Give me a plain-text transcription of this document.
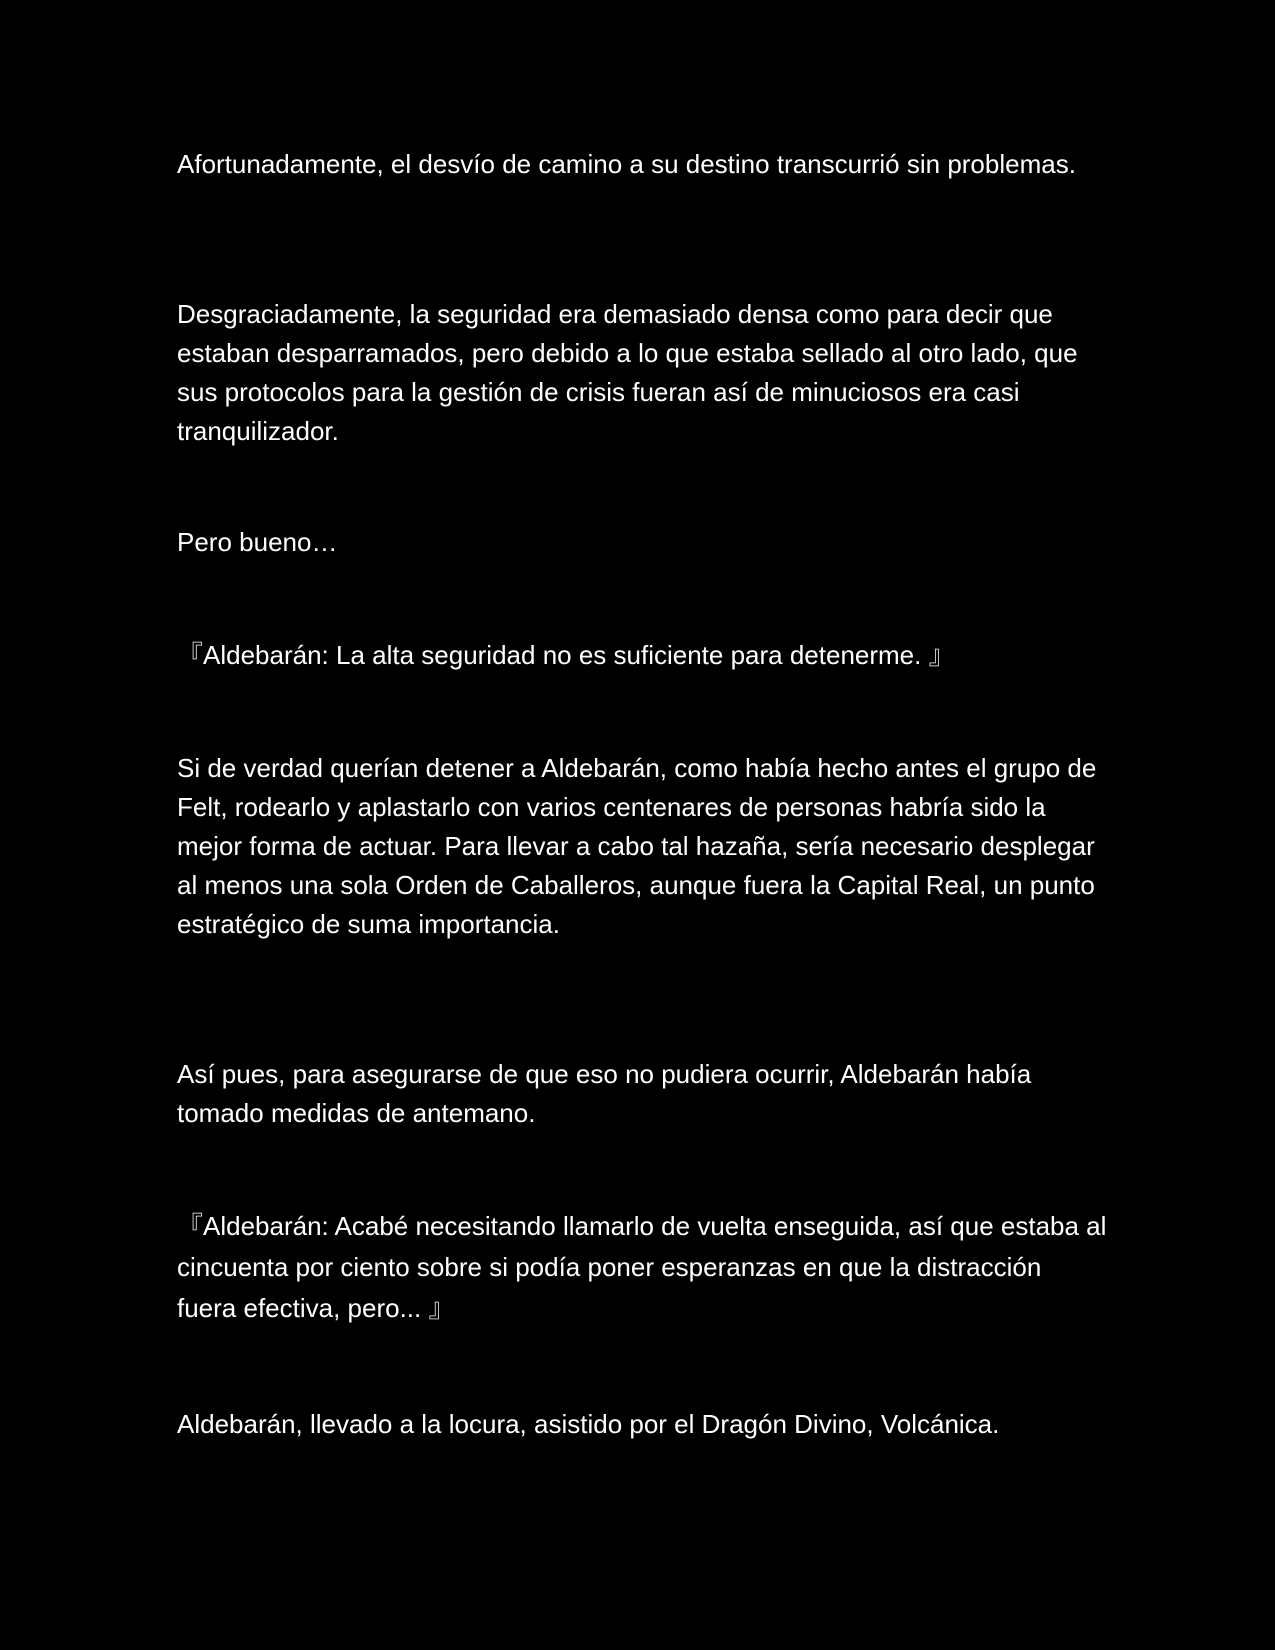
Afortunadamente, el desvío de camino a su destino transcurrió sin problemas.

Desgraciadamente, la seguridad era demasiado densa como para decir que estaban desparramados, pero debido a lo que estaba sellado al otro lado, que sus protocolos para la gestión de crisis fueran así de minuciosos era casi tranquilizador.

Pero bueno…

『Aldebarán: La alta seguridad no es suficiente para detenerme. 』

Si de verdad querían detener a Aldebarán, como había hecho antes el grupo de Felt, rodearlo y aplastarlo con varios centenares de personas habría sido la mejor forma de actuar. Para llevar a cabo tal hazaña, sería necesario desplegar al menos una sola Orden de Caballeros, aunque fuera la Capital Real, un punto estratégico de suma importancia.

Así pues, para asegurarse de que eso no pudiera ocurrir, Aldebarán había tomado medidas de antemano.

『Aldebarán: Acabé necesitando llamarlo de vuelta enseguida, así que estaba al cincuenta por ciento sobre si podía poner esperanzas en que la distracción fuera efectiva, pero... 』

Aldebarán, llevado a la locura, asistido por el Dragón Divino, Volcánica.
